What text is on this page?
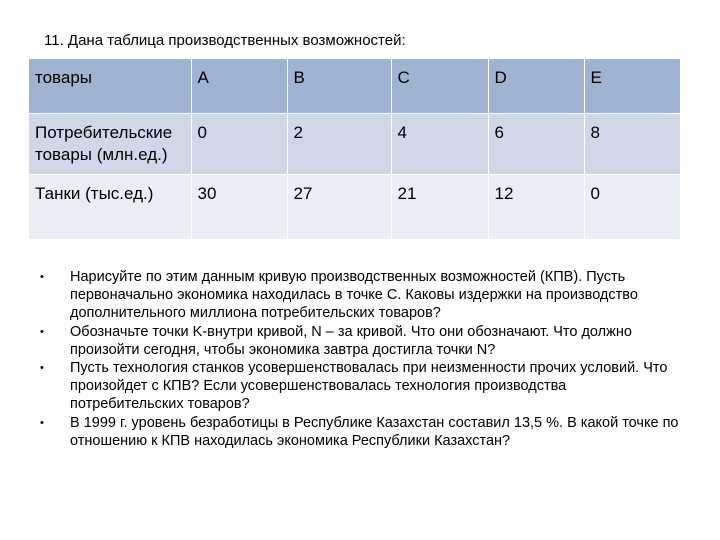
11. Дана таблица производственных возможностей:
товары	A	B	C	D	E
Потребительские товары (млн.ед.)	0	2	4	6	8
Танки (тыс.ед.)	30	27	21	12	0
• Нарисуйте по этим данным кривую производственных возможностей (КПВ). Пусть первоначально экономика находилась в точке С. Каковы издержки на производство дополнительного миллиона потребительских товаров?
• Обозначьте точки K-внутри кривой, N – за кривой. Что они обозначают. Что должно произойти сегодня, чтобы экономика завтра достигла точки N?
• Пусть технология станков усовершенствовалась при неизменности прочих условий. Что произойдет с КПВ? Если усовершенствовалась технология производства потребительских товаров?
• В 1999 г. уровень безработицы в Республике Казахстан составил 13,5 %. В какой точке по отношению к КПВ находилась экономика Республики Казахстан?
